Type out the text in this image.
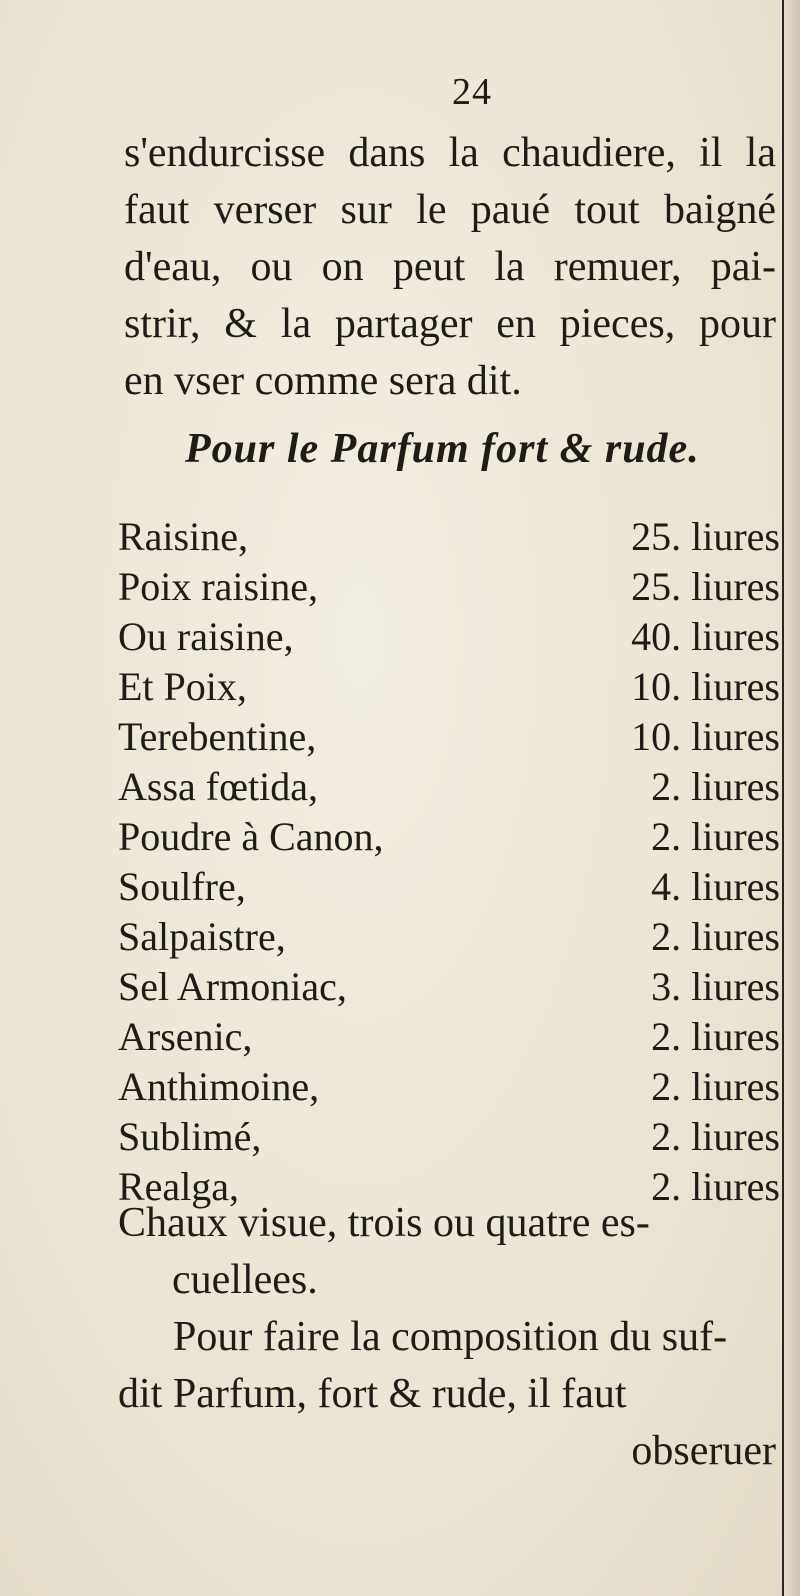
24

s'endurcisse dans la chaudiere, il la
faut verser sur le paué tout baigné
d'eau, ou on peut la remuer, pai-
strir, & la partager en pieces, pour
en vser comme sera dit.

Pour le Parfum fort & rude.
Raisine,	25. liures
Poix raisine,	25. liures
Ou raisine,	40. liures
Et Poix,	10. liures
Terebentine,	10. liures
Assa fœtida,	2. liures
Poudre à Canon,	2. liures
Soulfre,	4. liures
Salpaistre,	2. liures
Sel Armoniac,	3. liures
Arsenic,	2. liures
Anthimoine,	2. liures
Sublimé,	2. liures
Realga,	2. liures

Chaux visue, trois ou quatre es-
cuellees.
Pour faire la composition du suf-
dit Parfum, fort & rude, il faut
obseruer
